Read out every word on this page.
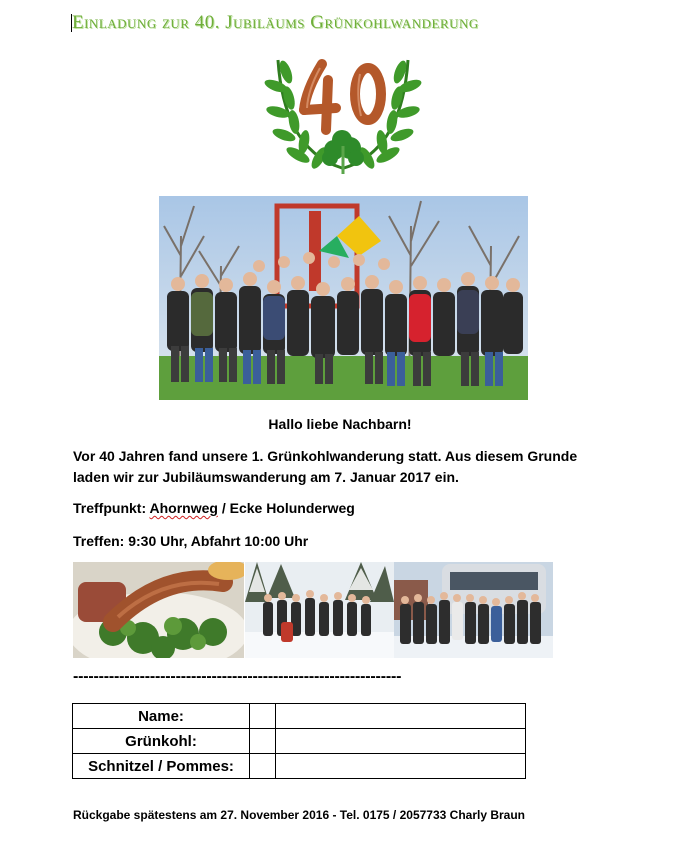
Einladung zur 40. Jubiläums Grünkohlwanderung
Hallo liebe Nachbarn!
Vor 40 Jahren fand unsere 1. Grünkohlwanderung statt. Aus diesem Grunde laden wir zur Jubiläumswanderung am 7. Januar 2017 ein.
Treffpunkt: Ahornweg / Ecke Holunderweg
Treffen: 9:30 Uhr, Abfahrt 10:00 Uhr
----------------------------------------------------------------
Name:		
Grünkohl:		
Schnitzel / Pommes:		
Rückgabe spätestens am 27. November 2016 - Tel. 0175 / 2057733 Charly Braun
